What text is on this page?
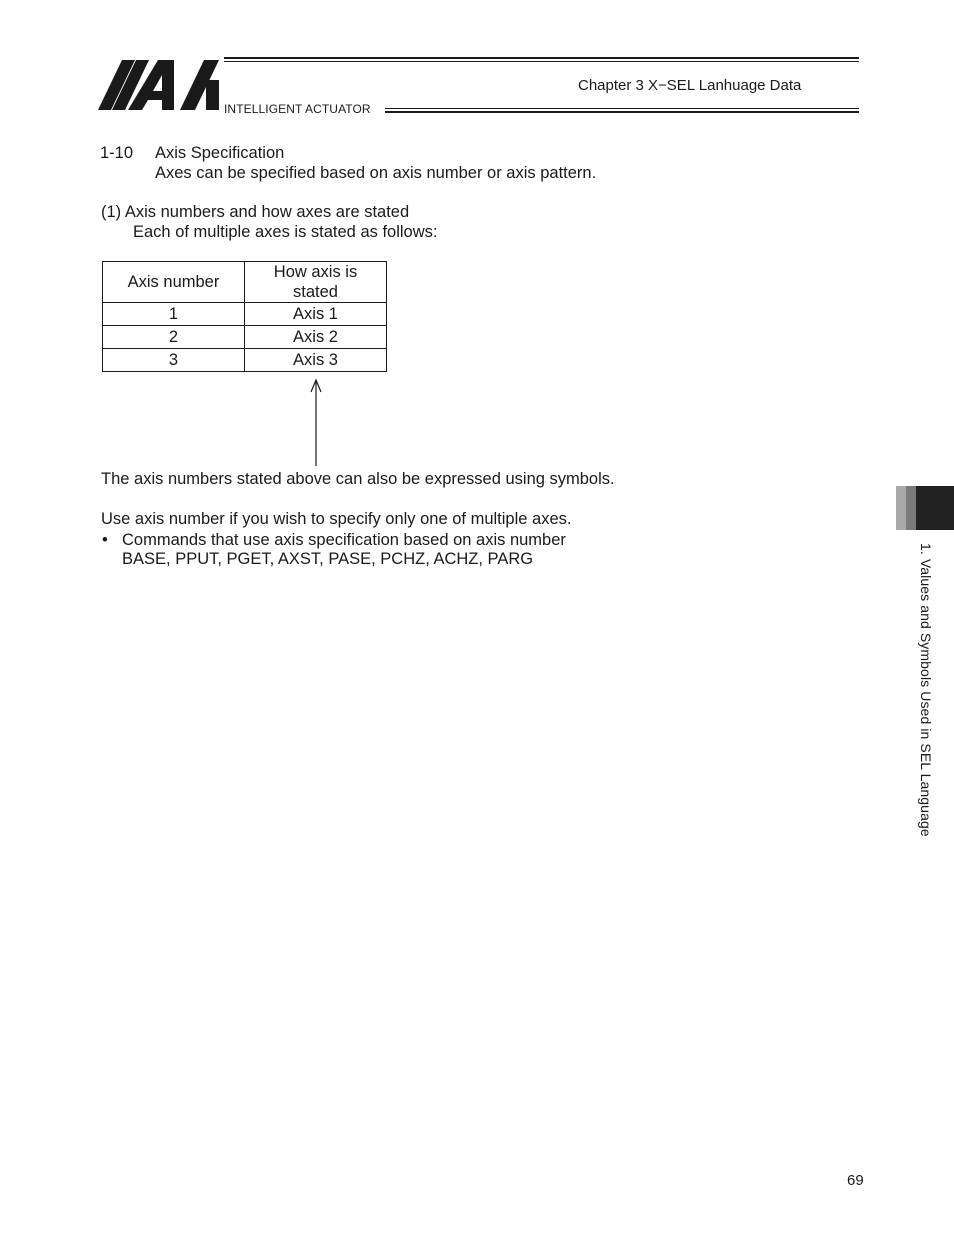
INTELLIGENT ACTUATOR
Chapter 3 X−SEL Lanhuage Data
1-10 Axis Specification
Axes can be specified based on axis number or axis pattern.
(1) Axis numbers and how axes are stated
Each of multiple axes is stated as follows:
Axis number	How axis is
stated
1	Axis 1
2	Axis 2
3	Axis 3
The axis numbers stated above can also be expressed using symbols.
Use axis number if you wish to specify only one of multiple axes.
• Commands that use axis specification based on axis number
BASE, PPUT, PGET, AXST, PASE, PCHZ, ACHZ, PARG	1. Values and Symbols Used in SEL Language
69
